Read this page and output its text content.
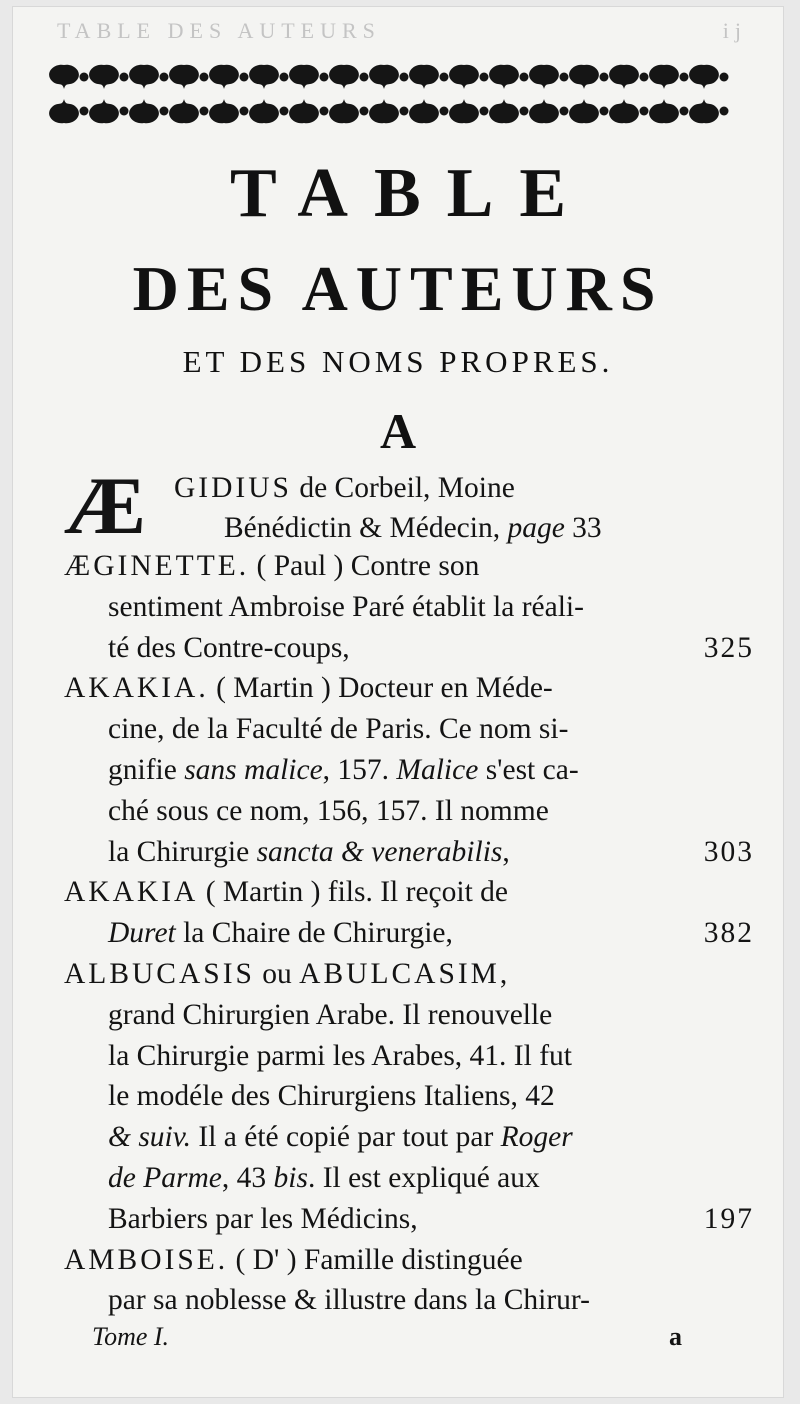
TABLE DES AUTEURS	ij
TABLE
DES AUTEURS
ET DES NOMS PROPRES.
A
Æ GIDIUS de Corbeil, Moine
Bénédictin & Médecin, page 33
ÆGINETTE. ( Paul ) Contre son
sentiment Ambroise Paré établit la réali-
té des Contre-coups,	325
AKAKIA. ( Martin ) Docteur en Méde-
cine, de la Faculté de Paris. Ce nom si-
gnifie sans malice, 157. Malice s'est ca-
ché sous ce nom, 156, 157. Il nomme
la Chirurgie sancta & venerabilis,	303
AKAKIA ( Martin ) fils. Il reçoit de
Duret la Chaire de Chirurgie,	382
ALBUCASIS ou ABULCASIM,
grand Chirurgien Arabe. Il renouvelle
la Chirurgie parmi les Arabes, 41. Il fut
le modéle des Chirurgiens Italiens, 42
& suiv. Il a été copié par tout par Roger
de Parme, 43 bis. Il est expliqué aux
Barbiers par les Médicins,	197
AMBOISE. ( D' ) Famille distinguée
par sa noblesse & illustre dans la Chirur-
Tome I.	a
